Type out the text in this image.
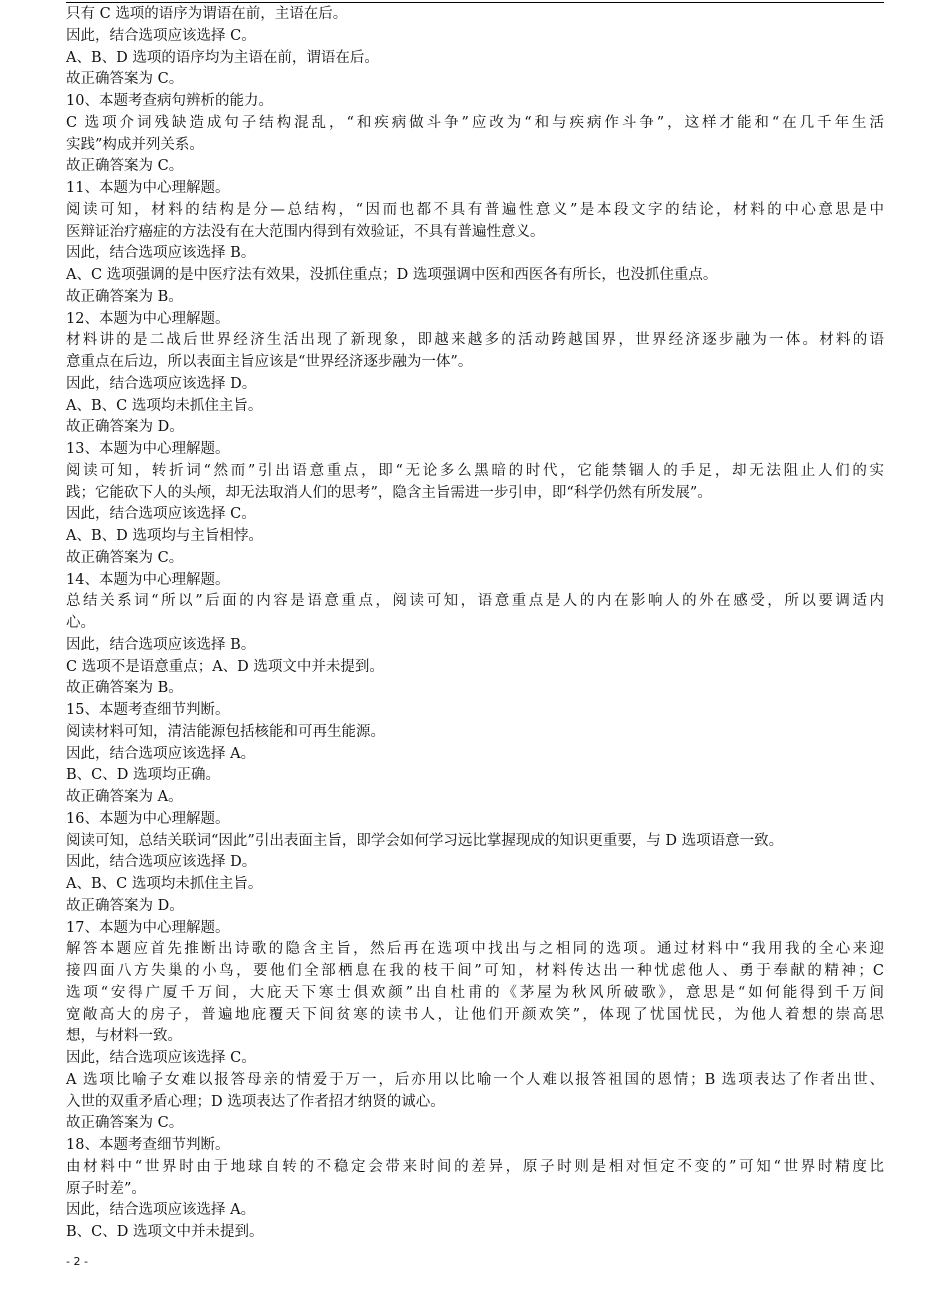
只有 C 选项的语序为谓语在前，主语在后。

因此，结合选项应该选择 C。

A、B、D 选项的语序均为主语在前，谓语在后。

故正确答案为 C。

10、本题考查病句辨析的能力。

C 选项介词残缺造成句子结构混乱，“和疾病做斗争”应改为“和与疾病作斗争”，这样才能和“在几千年生活

实践”构成并列关系。

故正确答案为 C。

11、本题为中心理解题。

阅读可知，材料的结构是分—总结构，“因而也都不具有普遍性意义”是本段文字的结论，材料的中心意思是中

医辩证治疗癌症的方法没有在大范围内得到有效验证，不具有普遍性意义。

因此，结合选项应该选择 B。

A、C 选项强调的是中医疗法有效果，没抓住重点；D 选项强调中医和西医各有所长，也没抓住重点。

故正确答案为 B。

12、本题为中心理解题。

材料讲的是二战后世界经济生活出现了新现象，即越来越多的活动跨越国界，世界经济逐步融为一体。材料的语

意重点在后边，所以表面主旨应该是“世界经济逐步融为一体”。

因此，结合选项应该选择 D。

A、B、C 选项均未抓住主旨。

故正确答案为 D。

13、本题为中心理解题。

阅读可知，转折词“然而”引出语意重点，即“无论多么黑暗的时代，它能禁锢人的手足，却无法阻止人们的实

践；它能砍下人的头颅，却无法取消人们的思考”，隐含主旨需进一步引申，即“科学仍然有所发展”。

因此，结合选项应该选择 C。

A、B、D 选项均与主旨相悖。

故正确答案为 C。

14、本题为中心理解题。

总结关系词“所以”后面的内容是语意重点，阅读可知，语意重点是人的内在影响人的外在感受，所以要调适内

心。

因此，结合选项应该选择 B。

C 选项不是语意重点；A、D 选项文中并未提到。

故正确答案为 B。

15、本题考查细节判断。

阅读材料可知，清洁能源包括核能和可再生能源。

因此，结合选项应该选择 A。

B、C、D 选项均正确。

故正确答案为 A。

16、本题为中心理解题。

阅读可知，总结关联词“因此”引出表面主旨，即学会如何学习远比掌握现成的知识更重要，与 D 选项语意一致。

因此，结合选项应该选择 D。

A、B、C 选项均未抓住主旨。

故正确答案为 D。

17、本题为中心理解题。

解答本题应首先推断出诗歌的隐含主旨，然后再在选项中找出与之相同的选项。通过材料中“我用我的全心来迎

接四面八方失巢的小鸟，要他们全部栖息在我的枝干间”可知，材料传达出一种忧虑他人、勇于奉献的精神；C

选项“安得广厦千万间，大庇天下寒士俱欢颜”出自杜甫的《茅屋为秋风所破歌》，意思是“如何能得到千万间

宽敞高大的房子，普遍地庇覆天下间贫寒的读书人，让他们开颜欢笑”，体现了忧国忧民，为他人着想的崇高思

想，与材料一致。

因此，结合选项应该选择 C。

A 选项比喻子女难以报答母亲的情爱于万一，后亦用以比喻一个人难以报答祖国的恩情；B 选项表达了作者出世、

入世的双重矛盾心理；D 选项表达了作者招才纳贤的诚心。

故正确答案为 C。

18、本题考查细节判断。

由材料中“世界时由于地球自转的不稳定会带来时间的差异，原子时则是相对恒定不变的”可知“世界时精度比

原子时差”。

因此，结合选项应该选择 A。

B、C、D 选项文中并未提到。

- 2 -
